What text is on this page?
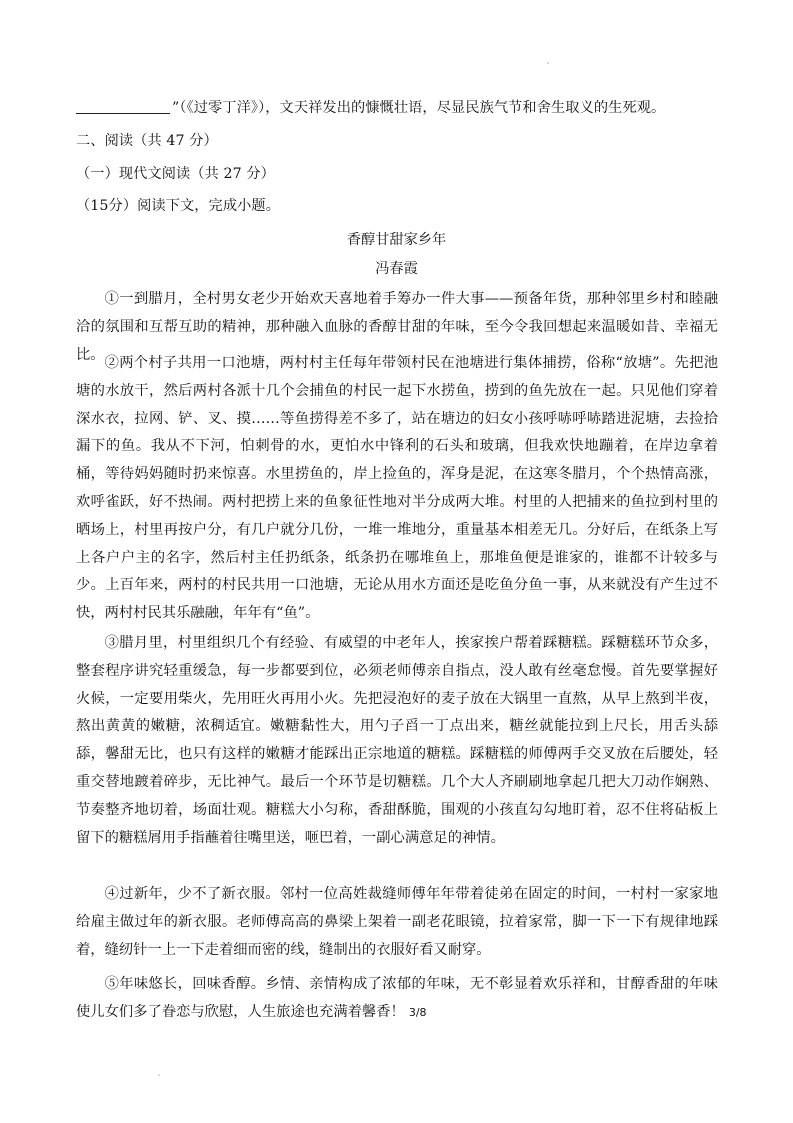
”（《过零丁洋》），文天祥发出的慷慨壮语，尽显民族气节和舍生取义的生死观。
二、阅读（共 47 分）
（一）现代文阅读（共 27 分）
（15分）阅读下文，完成小题。
香醇甘甜家乡年
冯春霞
①一到腊月，全村男女老少开始欢天喜地着手筹办一件大事——预备年货，那种邻里乡村和睦融洽的氛围和互帮互助的精神，那种融入血脉的香醇甘甜的年味，至今令我回想起来温暖如昔、幸福无比。
②两个村子共用一口池塘，两村村主任每年带领村民在池塘进行集体捕捞，俗称“放塘”。先把池塘的水放干，然后两村各派十几个会捕鱼的村民一起下水捞鱼，捞到的鱼先放在一起。只见他们穿着深水衣，拉网、铲、叉、摸……等鱼捞得差不多了，站在塘边的妇女小孩呼哧呼哧踏进泥塘，去捡拾漏下的鱼。我从不下河，怕刺骨的水，更怕水中锋利的石头和玻璃，但我欢快地蹦着，在岸边拿着桶，等待妈妈随时扔来惊喜。水里捞鱼的，岸上捡鱼的，浑身是泥，在这寒冬腊月，个个热情高涨，欢呼雀跃，好不热闹。两村把捞上来的鱼象征性地对半分成两大堆。村里的人把捕来的鱼拉到村里的晒场上，村里再按户分，有几户就分几份，一堆一堆地分，重量基本相差无几。分好后，在纸条上写上各户户主的名字，然后村主任扔纸条，纸条扔在哪堆鱼上，那堆鱼便是谁家的，谁都不计较多与少。上百年来，两村的村民共用一口池塘，无论从用水方面还是吃鱼分鱼一事，从来就没有产生过不快，两村村民其乐融融，年年有“鱼”。
③腊月里，村里组织几个有经验、有威望的中老年人，挨家挨户帮着踩糖糕。踩糖糕环节众多，整套程序讲究轻重缓急，每一步都要到位，必须老师傅亲自指点，没人敢有丝毫怠慢。首先要掌握好火候，一定要用柴火，先用旺火再用小火。先把浸泡好的麦子放在大锅里一直熬，从早上熬到半夜，熬出黄黄的嫩糖，浓稠适宜。嫩糖黏性大，用勺子舀一丁点出来，糖丝就能拉到上尺长，用舌头舔舔，馨甜无比，也只有这样的嫩糖才能踩出正宗地道的糖糕。踩糖糕的师傅两手交叉放在后腰处，轻重交替地踱着碎步，无比神气。最后一个环节是切糖糕。几个大人齐刷刷地拿起几把大刀动作娴熟、节奏整齐地切着，场面壮观。糖糕大小匀称，香甜酥脆，围观的小孩直勾勾地盯着，忍不住将砧板上留下的糖糕屑用手指蘸着往嘴里送，咂巴着，一副心满意足的神情。
④过新年，少不了新衣服。邻村一位高姓裁缝师傅年年带着徒弟在固定的时间，一村村一家家地给雇主做过年的新衣服。老师傅高高的鼻梁上架着一副老花眼镜，拉着家常，脚一下一下有规律地踩着，缝纫针一上一下走着细而密的线，缝制出的衣服好看又耐穿。
⑤年味悠长，回味香醇。乡情、亲情构成了浓郁的年味，无不彰显着欢乐祥和，甘醇香甜的年味使儿女们多了眷恋与欣慰，人生旅途也充满着馨香！ 3/8
